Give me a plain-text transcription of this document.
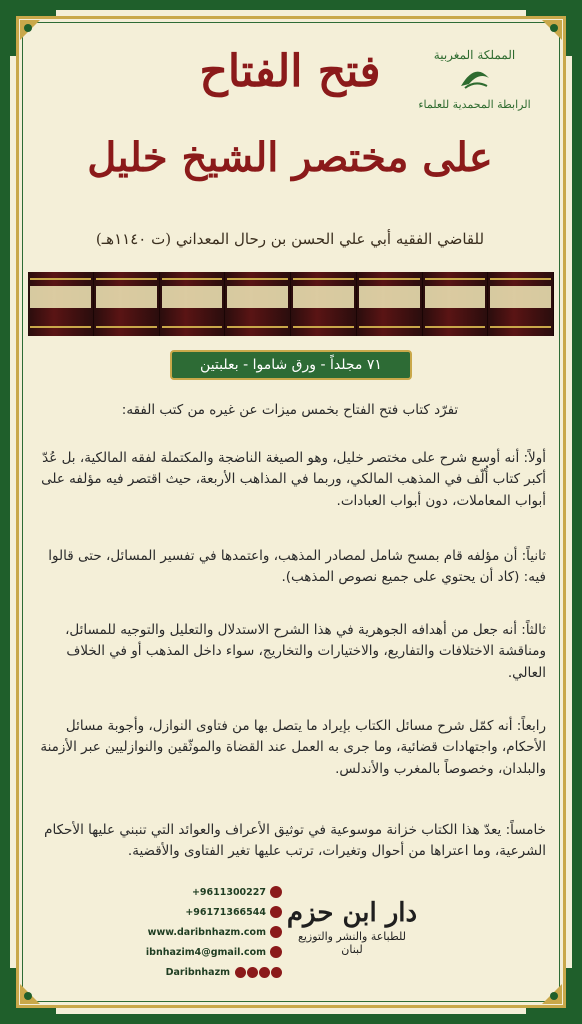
المملكة المغربية
الرابطة المحمدية للعلماء
فتح الفتاح
على مختصر الشيخ خليل
للقاضي الفقيه أبي علي الحسن بن رحال المعداني (ت ١١٤٠هـ)
٧١ مجلداً - ورق شاموا - بعلبتين
تفرّد كتاب فتح الفتاح بخمس ميزات عن غيره من كتب الفقه:
أولاً: أنه أوسع شرح على مختصر خليل، وهو الصيغة الناضجة والمكتملة لفقه المالكية، بل عُدّ أكبر كتاب أُلّف في المذهب المالكي، وربما في المذاهب الأربعة، حيث اقتصر فيه مؤلفه على أبواب المعاملات، دون أبواب العبادات.
ثانياً: أن مؤلفه قام بمسح شامل لمصادر المذهب، واعتمدها في تفسير المسائل، حتى قالوا فيه: (كاد أن يحتوي على جميع نصوص المذهب).
ثالثاً: أنه جعل من أهدافه الجوهرية في هذا الشرح الاستدلال والتعليل والتوجيه للمسائل، ومناقشة الاختلافات والتفاريع، والاختيارات والتخاريج، سواء داخل المذهب أو في الخلاف العالي.
رابعاً: أنه كمّل شرح مسائل الكتاب بإيراد ما يتصل بها من فتاوى النوازل، وأجوبة مسائل الأحكام، واجتهادات قضائية، وما جرى به العمل عند القضاة والموثّقين والنوازليين عبر الأزمنة والبلدان، وخصوصاً بالمغرب والأندلس.
خامساً: يعدّ هذا الكتاب خزانة موسوعية في توثيق الأعراف والعوائد التي تنبني عليها الأحكام الشرعية، وما اعتراها من أحوال وتغيرات، ترتب عليها تغير الفتاوى والأقضية.
+9611300227
+96171366544
www.daribnhazm.com
ibnhazim4@gmail.com
Daribnhazm
دار ابن حزم
للطباعة والنشر والتوزيع
لبنان
